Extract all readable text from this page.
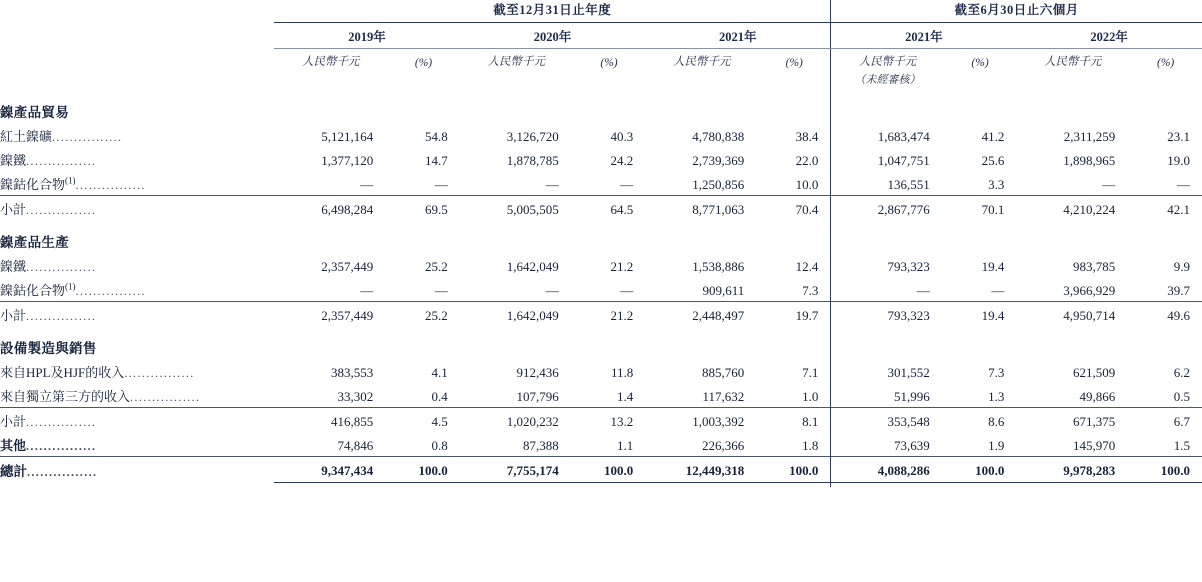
	截至12月31日止年度						截至6月30日止六個月			
	2019年		2020年		2021年		2021年		2022年	
	人民幣千元	(%)	人民幣千元	(%)	人民幣千元	(%)	人民幣千元	(%)	人民幣千元	(%)
							（未經審核）			
鎳產品貿易										
紅土鎳礦................	5,121,164	54.8	3,126,720	40.3	4,780,838	38.4	1,683,474	41.2	2,311,259	23.1
鎳鐵................	1,377,120	14.7	1,878,785	24.2	2,739,369	22.0	1,047,751	25.6	1,898,965	19.0
鎳鈷化合物$^{(1)}$................	—	—	—	—	1,250,856	10.0	136,551	3.3	—	—
小計................	6,498,284	69.5	5,005,505	64.5	8,771,063	70.4	2,867,776	70.1	4,210,224	42.1
鎳產品生產										
鎳鐵................	2,357,449	25.2	1,642,049	21.2	1,538,886	12.4	793,323	19.4	983,785	9.9
鎳鈷化合物$^{(1)}$................	—	—	—	—	909,611	7.3	—	—	3,966,929	39.7
小計................	2,357,449	25.2	1,642,049	21.2	2,448,497	19.7	793,323	19.4	4,950,714	49.6
設備製造與銷售										
來自HPL及HJF的收入................	383,553	4.1	912,436	11.8	885,760	7.1	301,552	7.3	621,509	6.2
來自獨立第三方的收入................	33,302	0.4	107,796	1.4	117,632	1.0	51,996	1.3	49,866	0.5
小計................	416,855	4.5	1,020,232	13.2	1,003,392	8.1	353,548	8.6	671,375	6.7
其他................	74,846	0.8	87,388	1.1	226,366	1.8	73,639	1.9	145,970	1.5
總計................	9,347,434	100.0	7,755,174	100.0	12,449,318	100.0	4,088,286	100.0	9,978,283	100.0
